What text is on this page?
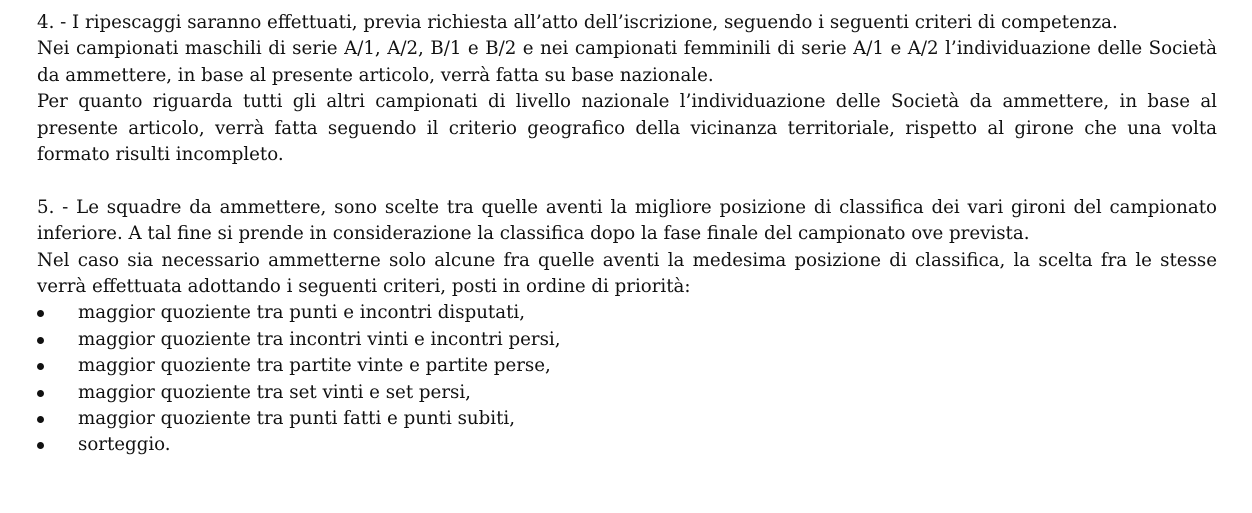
4. - I ripescaggi saranno effettuati, previa richiesta all’atto dell’iscrizione, seguendo i seguenti criteri di competenza.

Nei campionati maschili di serie A/1, A/2, B/1 e B/2 e nei campionati femminili di serie A/1 e A/2 l’individuazione delle Società da ammettere, in base al presente articolo, verrà fatta su base nazionale.

Per quanto riguarda tutti gli altri campionati di livello nazionale l’individuazione delle Società da ammettere, in base al presente articolo, verrà fatta seguendo il criterio geografico della vicinanza territoriale, rispetto al girone che una volta formato risulti incompleto.

5. - Le squadre da ammettere, sono scelte tra quelle aventi la migliore posizione di classifica dei vari gironi del campionato inferiore. A tal fine si prende in considerazione la classifica dopo la fase finale del campionato ove prevista.

Nel caso sia necessario ammetterne solo alcune fra quelle aventi la medesima posizione di classifica, la scelta fra le stesse verrà effettuata adottando i seguenti criteri, posti in ordine di priorità:

maggior quoziente tra punti e incontri disputati,
maggior quoziente tra incontri vinti e incontri persi,
maggior quoziente tra partite vinte e partite perse,
maggior quoziente tra set vinti e set persi,
maggior quoziente tra punti fatti e punti subiti,
sorteggio.
